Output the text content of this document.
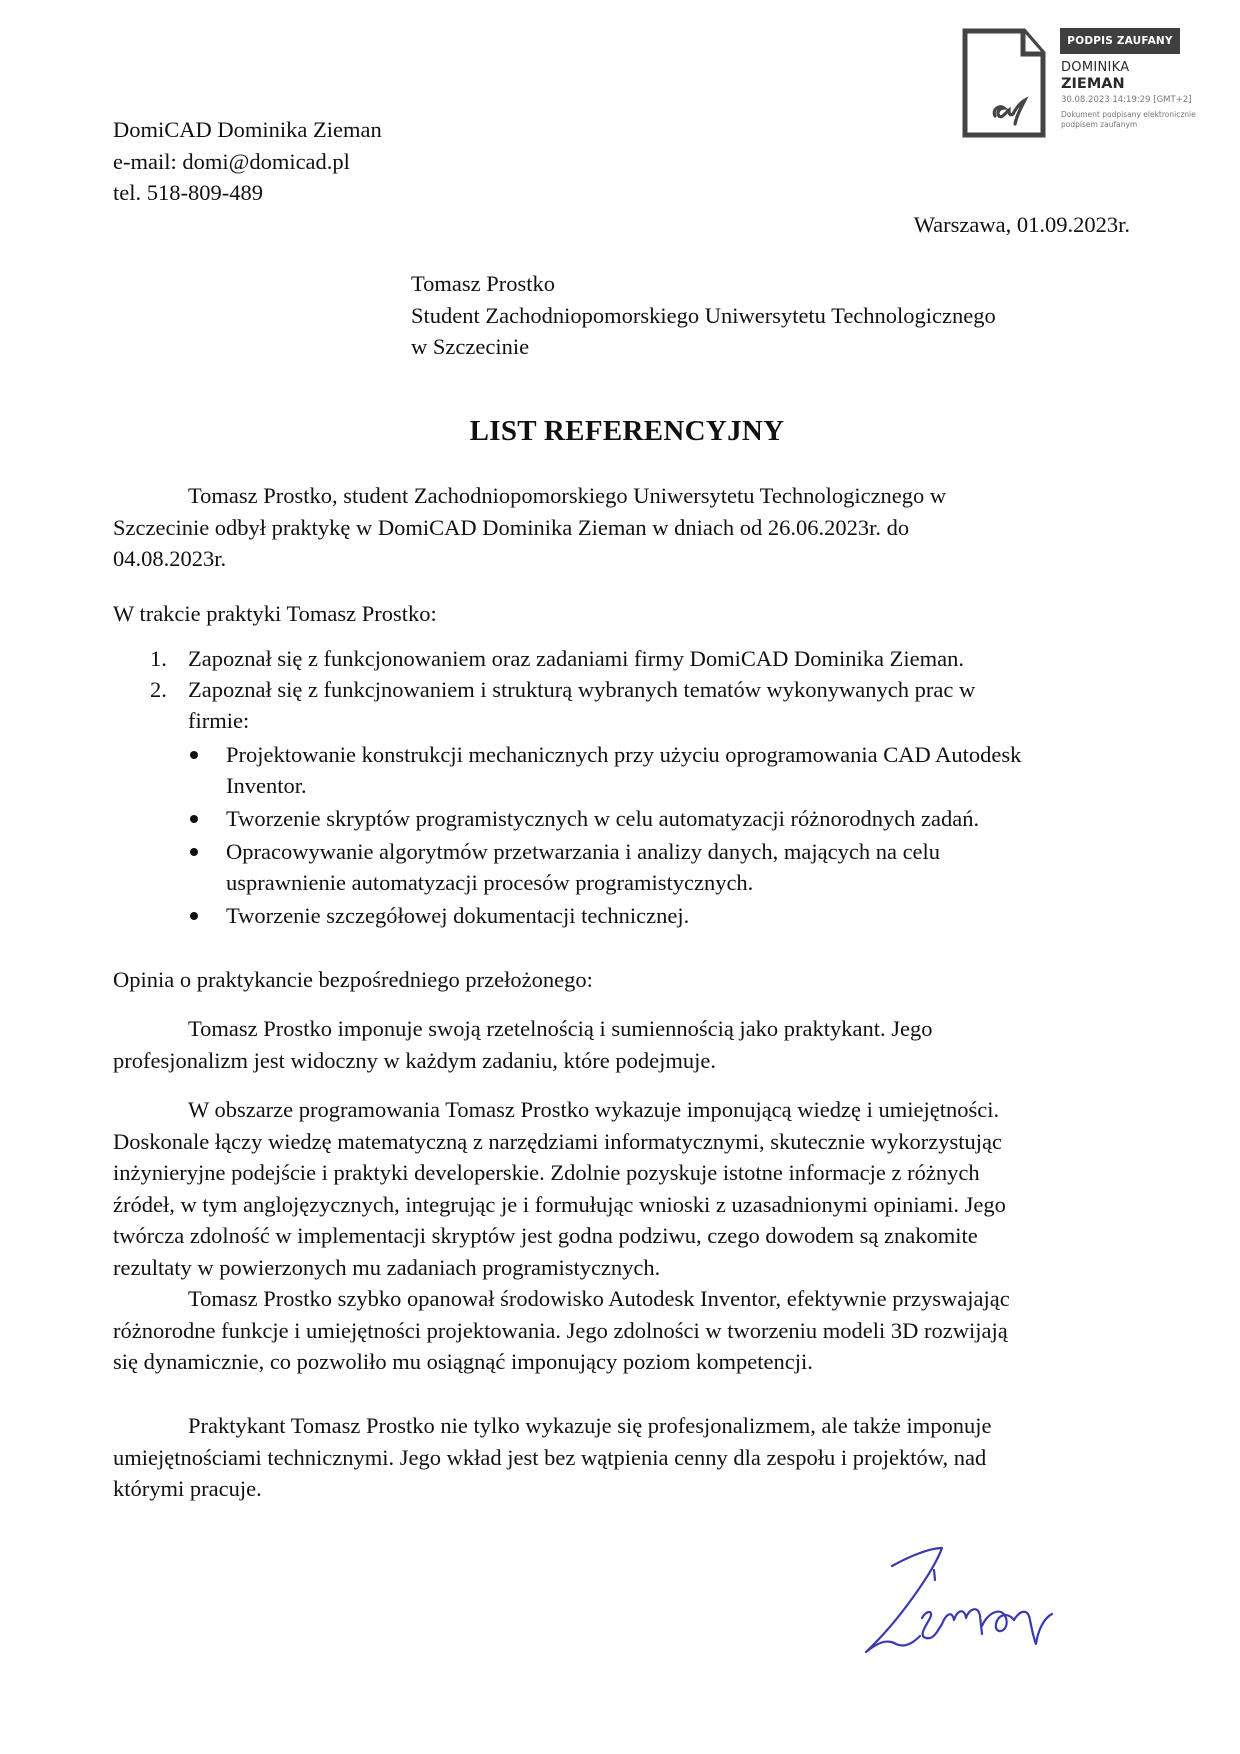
PODPIS ZAUFANY
DOMINIKA
ZIEMAN
30.08.2023 14:19:29 [GMT+2]
Dokument podpisany elektronicznie
podpisem zaufanym
DomiCAD Dominika Zieman
e-mail: domi@domicad.pl
tel. 518-809-489
Warszawa, 01.09.2023r.
Tomasz Prostko
Student Zachodniopomorskiego Uniwersytetu Technologicznego
w Szczecinie
LIST REFERENCYJNY
Tomasz Prostko, student Zachodniopomorskiego Uniwersytetu Technologicznego w
Szczecinie odbył praktykę w DomiCAD Dominika Zieman w dniach od 26.06.2023r. do
04.08.2023r.
W trakcie praktyki Tomasz Prostko:
1. Zapoznał się z funkcjonowaniem oraz zadaniami firmy DomiCAD Dominika Zieman.
2. Zapoznał się z funkcjnowaniem i strukturą wybranych tematów wykonywanych prac w
firmie:
Projektowanie konstrukcji mechanicznych przy użyciu oprogramowania CAD Autodesk
Inventor.
Tworzenie skryptów programistycznych w celu automatyzacji różnorodnych zadań.
Opracowywanie algorytmów przetwarzania i analizy danych, mających na celu
usprawnienie automatyzacji procesów programistycznych.
Tworzenie szczegółowej dokumentacji technicznej.
Opinia o praktykancie bezpośredniego przełożonego:
Tomasz Prostko imponuje swoją rzetelnością i sumiennością jako praktykant. Jego
profesjonalizm jest widoczny w każdym zadaniu, które podejmuje.
W obszarze programowania Tomasz Prostko wykazuje imponującą wiedzę i umiejętności.
Doskonale łączy wiedzę matematyczną z narzędziami informatycznymi, skutecznie wykorzystując
inżynieryjne podejście i praktyki developerskie. Zdolnie pozyskuje istotne informacje z różnych
źródeł, w tym anglojęzycznych, integrując je i formułując wnioski z uzasadnionymi opiniami. Jego
twórcza zdolność w implementacji skryptów jest godna podziwu, czego dowodem są znakomite
rezultaty w powierzonych mu zadaniach programistycznych.
Tomasz Prostko szybko opanował środowisko Autodesk Inventor, efektywnie przyswajając
różnorodne funkcje i umiejętności projektowania. Jego zdolności w tworzeniu modeli 3D rozwijają
się dynamicznie, co pozwoliło mu osiągnąć imponujący poziom kompetencji.
Praktykant Tomasz Prostko nie tylko wykazuje się profesjonalizmem, ale także imponuje
umiejętnościami technicznymi. Jego wkład jest bez wątpienia cenny dla zespołu i projektów, nad
którymi pracuje.
